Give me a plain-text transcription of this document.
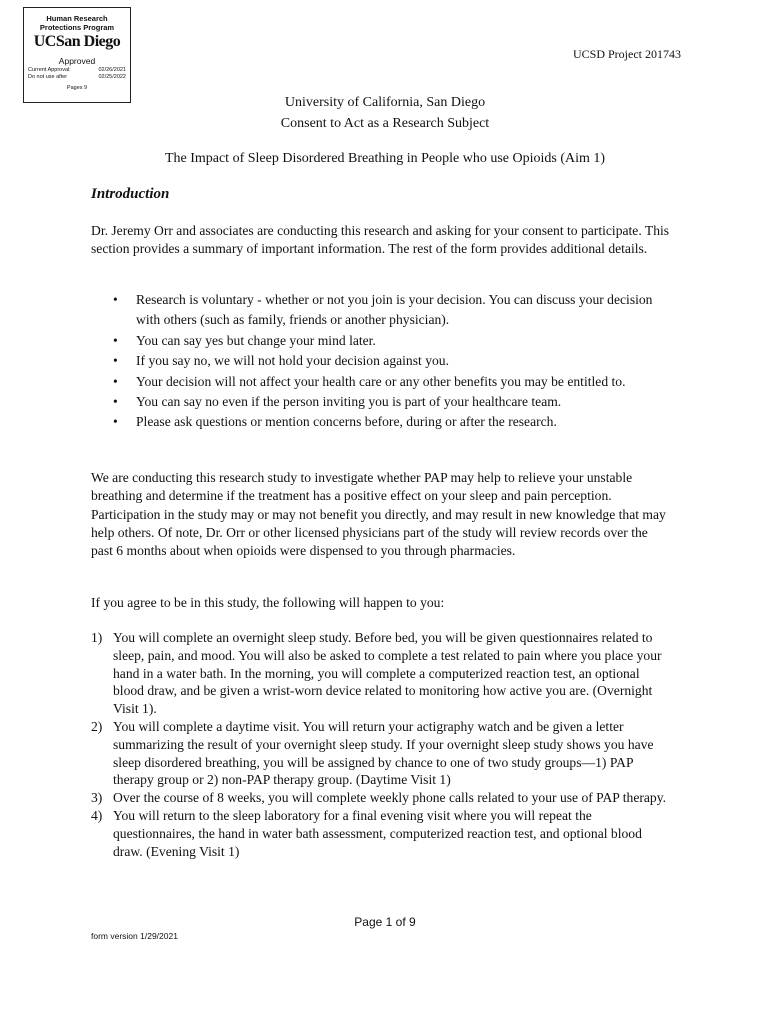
Human Research
Protections Program
UCSan Diego
Approved
Current Approval:
Do not use after
02/26/2021
02/25/2022
Pages 9
UCSD Project 201743
University of California, San Diego
Consent to Act as a Research Subject
The Impact of Sleep Disordered Breathing in People who use Opioids (Aim 1)
Introduction
Dr. Jeremy Orr and associates are conducting this research and asking for your consent to participate. This section provides a summary of important information. The rest of the form provides additional details.
• Research is voluntary - whether or not you join is your decision. You can discuss your decision with others (such as family, friends or another physician).
• You can say yes but change your mind later.
• If you say no, we will not hold your decision against you.
• Your decision will not affect your health care or any other benefits you may be entitled to.
• You can say no even if the person inviting you is part of your healthcare team.
• Please ask questions or mention concerns before, during or after the research.
We are conducting this research study to investigate whether PAP may help to relieve your unstable breathing and determine if the treatment has a positive effect on your sleep and pain perception. Participation in the study may or may not benefit you directly, and may result in new knowledge that may help others. Of note, Dr. Orr or other licensed physicians part of the study will review records over the past 6 months about when opioids were dispensed to you through pharmacies.
If you agree to be in this study, the following will happen to you:
1) You will complete an overnight sleep study. Before bed, you will be given questionnaires related to sleep, pain, and mood. You will also be asked to complete a test related to pain where you place your hand in a water bath. In the morning, you will complete a computerized reaction test, an optional blood draw, and be given a wrist-worn device related to monitoring how active you are. (Overnight Visit 1).
2) You will complete a daytime visit. You will return your actigraphy watch and be given a letter summarizing the result of your overnight sleep study. If your overnight sleep study shows you have sleep disordered breathing, you will be assigned by chance to one of two study groups—1) PAP therapy group or 2) non-PAP therapy group. (Daytime Visit 1)
3) Over the course of 8 weeks, you will complete weekly phone calls related to your use of PAP therapy.
4) You will return to the sleep laboratory for a final evening visit where you will repeat the questionnaires, the hand in water bath assessment, computerized reaction test, and optional blood draw. (Evening Visit 1)
Page 1 of 9
form version 1/29/2021
